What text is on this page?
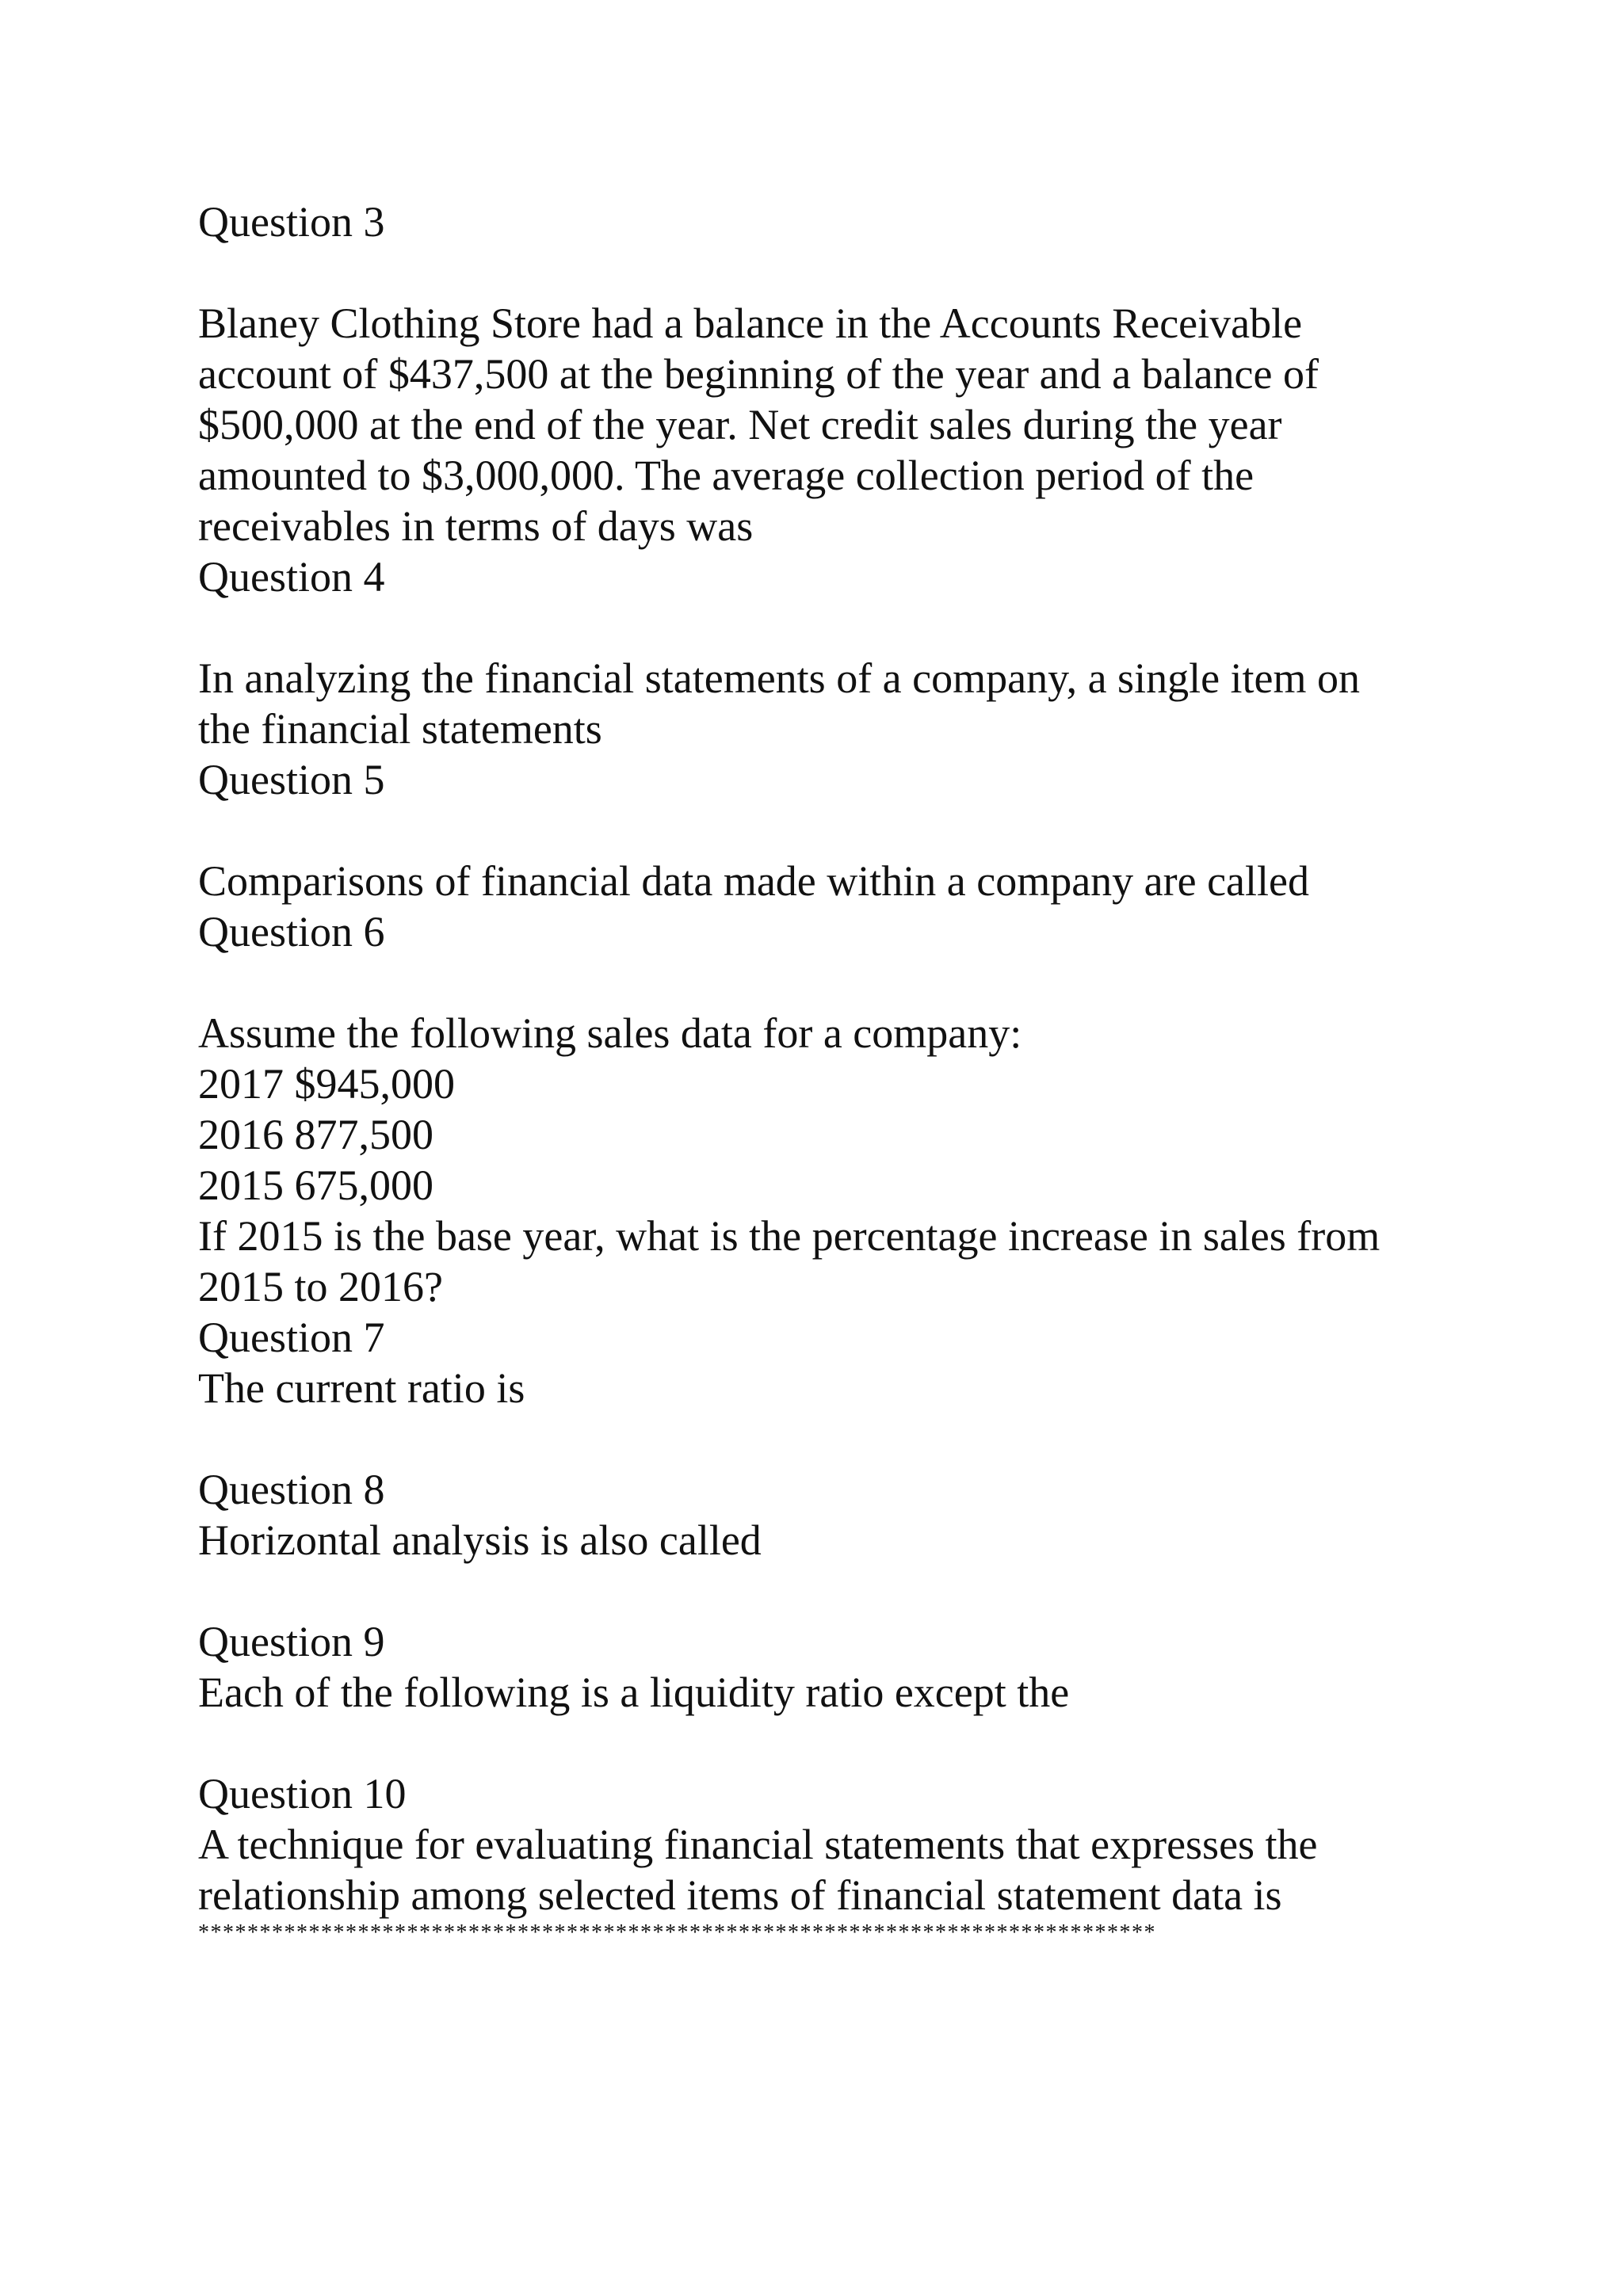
Question 3
Blaney Clothing Store had a balance in the Accounts Receivable
account of $437,500 at the beginning of the year and a balance of
$500,000 at the end of the year. Net credit sales during the year
amounted to $3,000,000. The average collection period of the
receivables in terms of days was
Question 4
In analyzing the financial statements of a company, a single item on
the financial statements
Question 5
Comparisons of financial data made within a company are called
Question 6
Assume the following sales data for a company:
2017 $945,000
2016 877,500
2015 675,000
If 2015 is the base year, what is the percentage increase in sales from
2015 to 2016?
Question 7
The current ratio is
Question 8
Horizontal analysis is also called
Question 9
Each of the following is a liquidity ratio except the
Question 10
A technique for evaluating financial statements that expresses the
relationship among selected items of financial statement data is
******************************************************************************
